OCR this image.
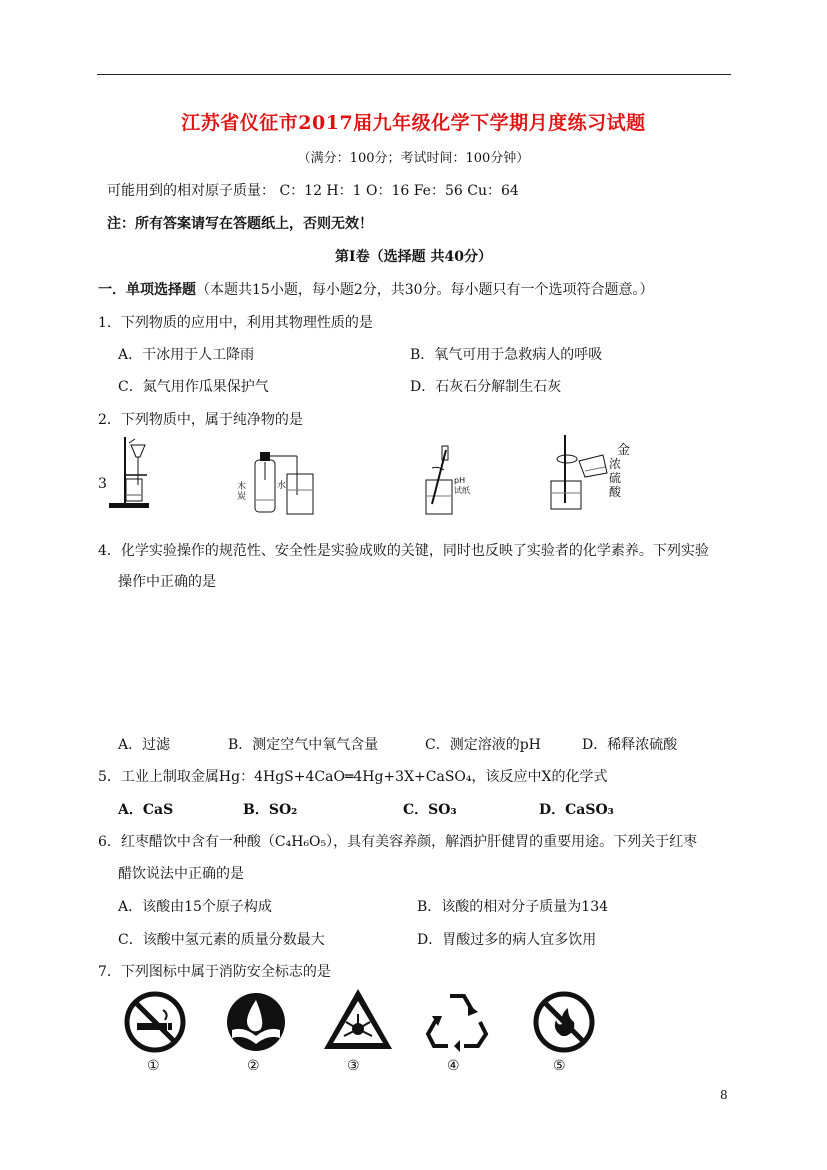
江苏省仪征市2017届九年级化学下学期月度练习试题
（满分：100分；考试时间：100分钟）
可能用到的相对原子质量： C：12 H：1 O：16 Fe：56 Cu：64
注：所有答案请写在答题纸上，否则无效！
第Ⅰ卷（选择题 共40分）
一．单项选择题（本题共15小题，每小题2分，共30分。每小题只有一个选项符合题意。）
1．下列物质的应用中，利用其物理性质的是
A．干冰用于人工降雨	B．氧气可用于急救病人的呼吸
C．氮气用作瓜果保护气	D．石灰石分解制生石灰
2．下列物质中，属于纯净物的是
3	木炭
水
pH试纸
金
浓硫酸
4．化学实验操作的规范性、安全性是实验成败的关键，同时也反映了实验者的化学素养。下列实验
操作中正确的是
A．过滤	B．测定空气中氧气含量	C．测定溶液的pH	D．稀释浓硫酸
5．工业上制取金属Hg：4HgS+4CaO═4Hg+3X+CaSO₄，该反应中X的化学式
A．CaS	B．SO₂	C．SO₃	D．CaSO₃
6．红枣醋饮中含有一种酸（C₄H₆O₅），具有美容养颜，解酒护肝健胃的重要用途。下列关于红枣
醋饮说法中正确的是
A．该酸由15个原子构成	B．该酸的相对分子质量为134
C．该酸中氢元素的质量分数最大	D．胃酸过多的病人宜多饮用
7．下列图标中属于消防安全标志的是
①	②	③	④	⑤
8
